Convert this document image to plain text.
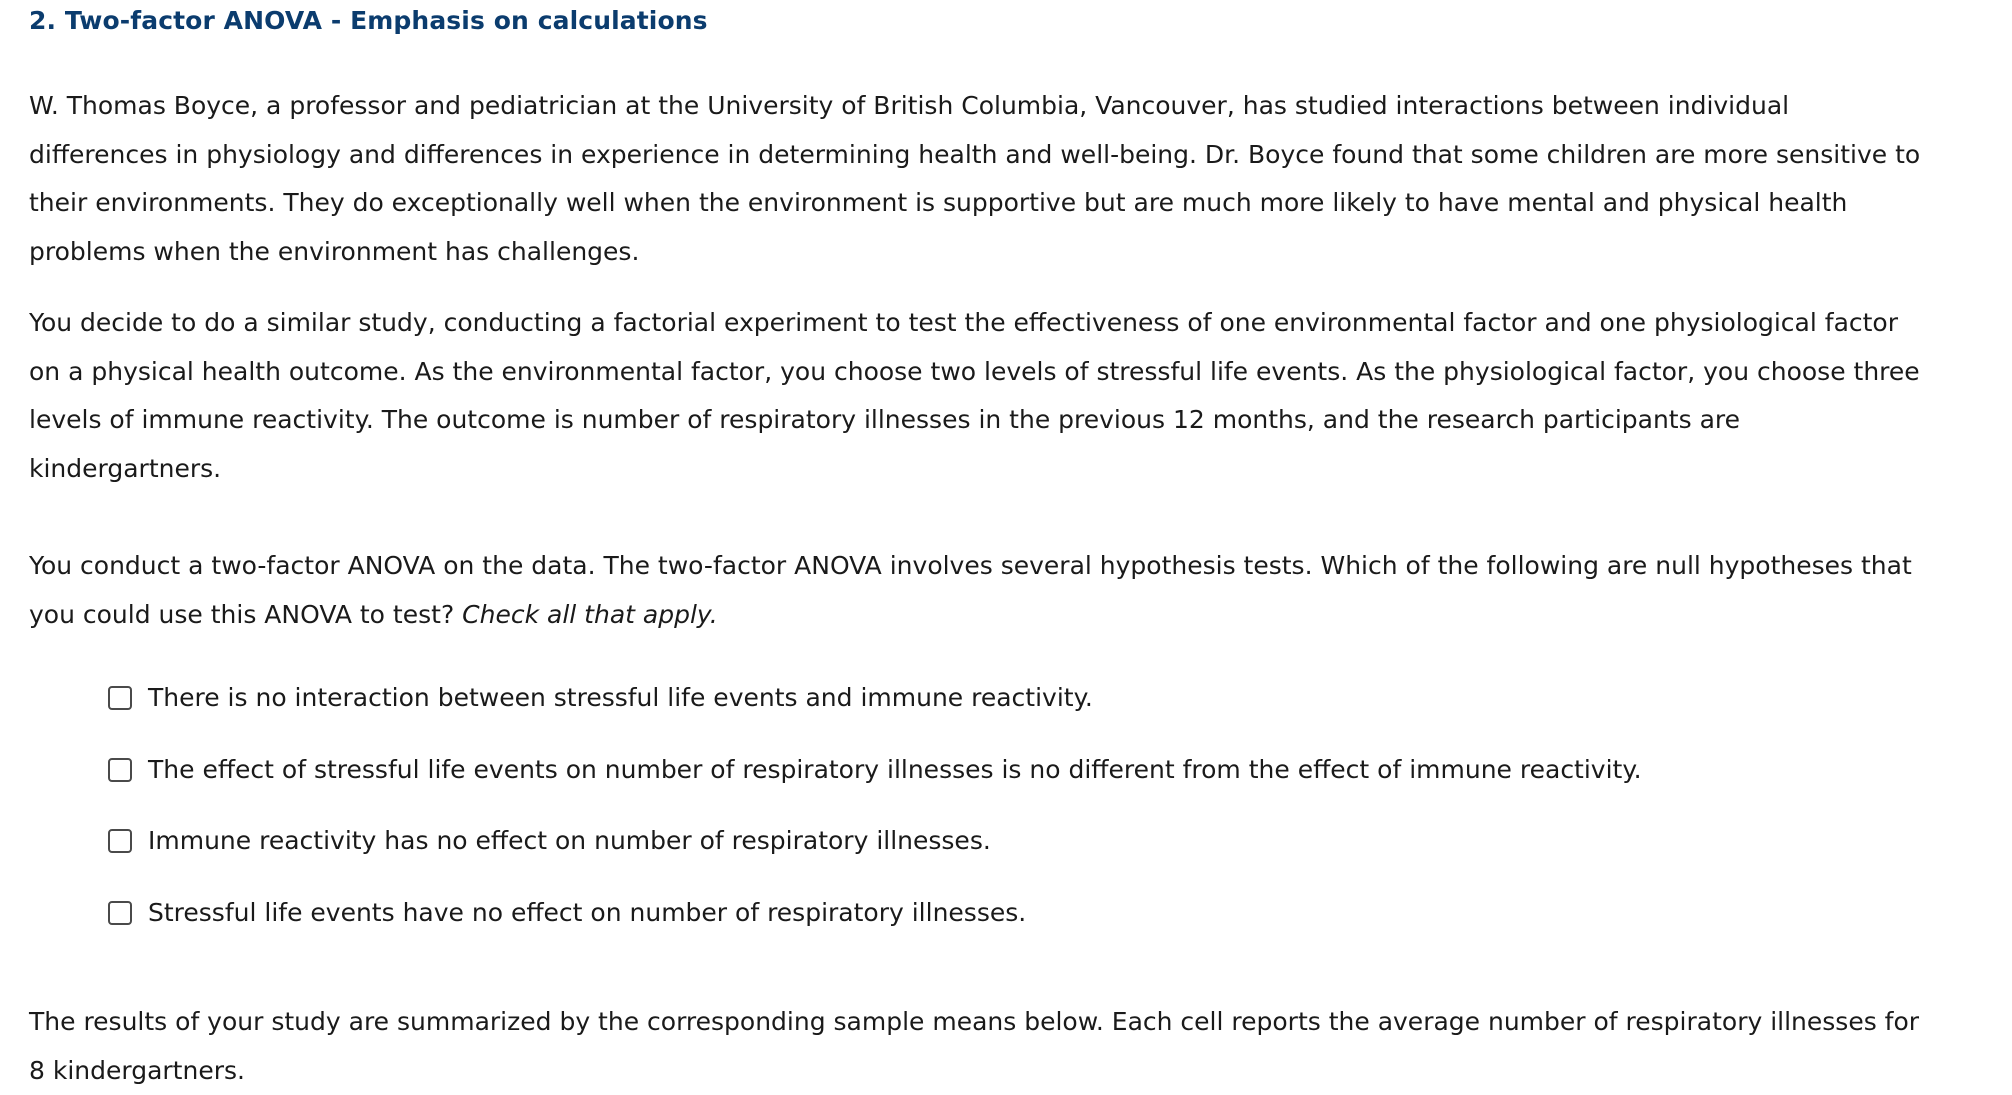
2. Two-factor ANOVA - Emphasis on calculations

W. Thomas Boyce, a professor and pediatrician at the University of British Columbia, Vancouver, has studied interactions between individual differences in physiology and differences in experience in determining health and well-being. Dr. Boyce found that some children are more sensitive to their environments. They do exceptionally well when the environment is supportive but are much more likely to have mental and physical health problems when the environment has challenges.

You decide to do a similar study, conducting a factorial experiment to test the effectiveness of one environmental factor and one physiological factor on a physical health outcome. As the environmental factor, you choose two levels of stressful life events. As the physiological factor, you choose three levels of immune reactivity. The outcome is number of respiratory illnesses in the previous 12 months, and the research participants are kindergartners.

You conduct a two-factor ANOVA on the data. The two-factor ANOVA involves several hypothesis tests. Which of the following are null hypotheses that you could use this ANOVA to test? Check all that apply.

There is no interaction between stressful life events and immune reactivity.
The effect of stressful life events on number of respiratory illnesses is no different from the effect of immune reactivity.
Immune reactivity has no effect on number of respiratory illnesses.
Stressful life events have no effect on number of respiratory illnesses.

The results of your study are summarized by the corresponding sample means below. Each cell reports the average number of respiratory illnesses for 8 kindergartners.
